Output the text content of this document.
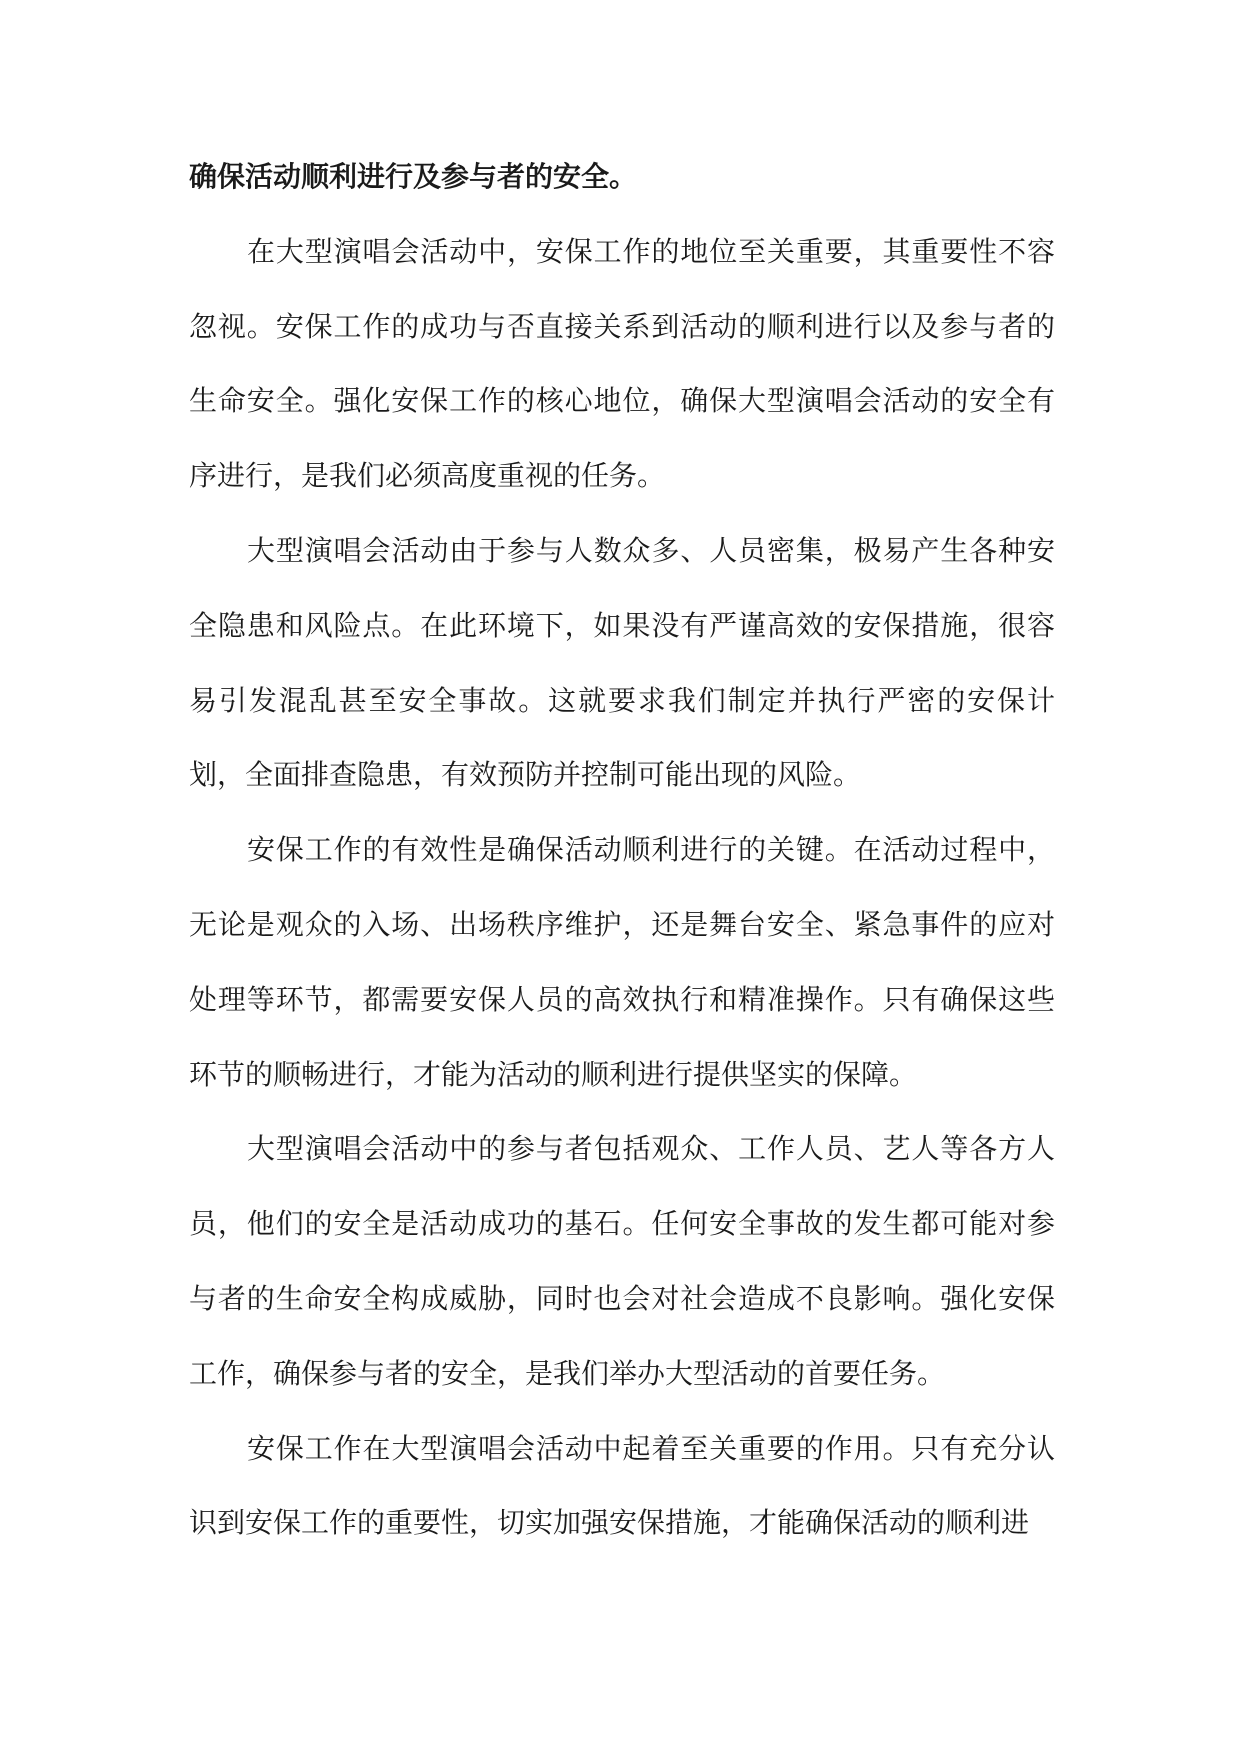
确保活动顺利进行及参与者的安全。

在大型演唱会活动中，安保工作的地位至关重要，其重要性不容忽视。安保工作的成功与否直接关系到活动的顺利进行以及参与者的生命安全。强化安保工作的核心地位，确保大型演唱会活动的安全有序进行，是我们必须高度重视的任务。

大型演唱会活动由于参与人数众多、人员密集，极易产生各种安全隐患和风险点。在此环境下，如果没有严谨高效的安保措施，很容易引发混乱甚至安全事故。这就要求我们制定并执行严密的安保计划，全面排查隐患，有效预防并控制可能出现的风险。

安保工作的有效性是确保活动顺利进行的关键。在活动过程中，无论是观众的入场、出场秩序维护，还是舞台安全、紧急事件的应对处理等环节，都需要安保人员的高效执行和精准操作。只有确保这些环节的顺畅进行，才能为活动的顺利进行提供坚实的保障。

大型演唱会活动中的参与者包括观众、工作人员、艺人等各方人员，他们的安全是活动成功的基石。任何安全事故的发生都可能对参与者的生命安全构成威胁，同时也会对社会造成不良影响。强化安保工作，确保参与者的安全，是我们举办大型活动的首要任务。

安保工作在大型演唱会活动中起着至关重要的作用。只有充分认识到安保工作的重要性，切实加强安保措施，才能确保活动的顺利进
